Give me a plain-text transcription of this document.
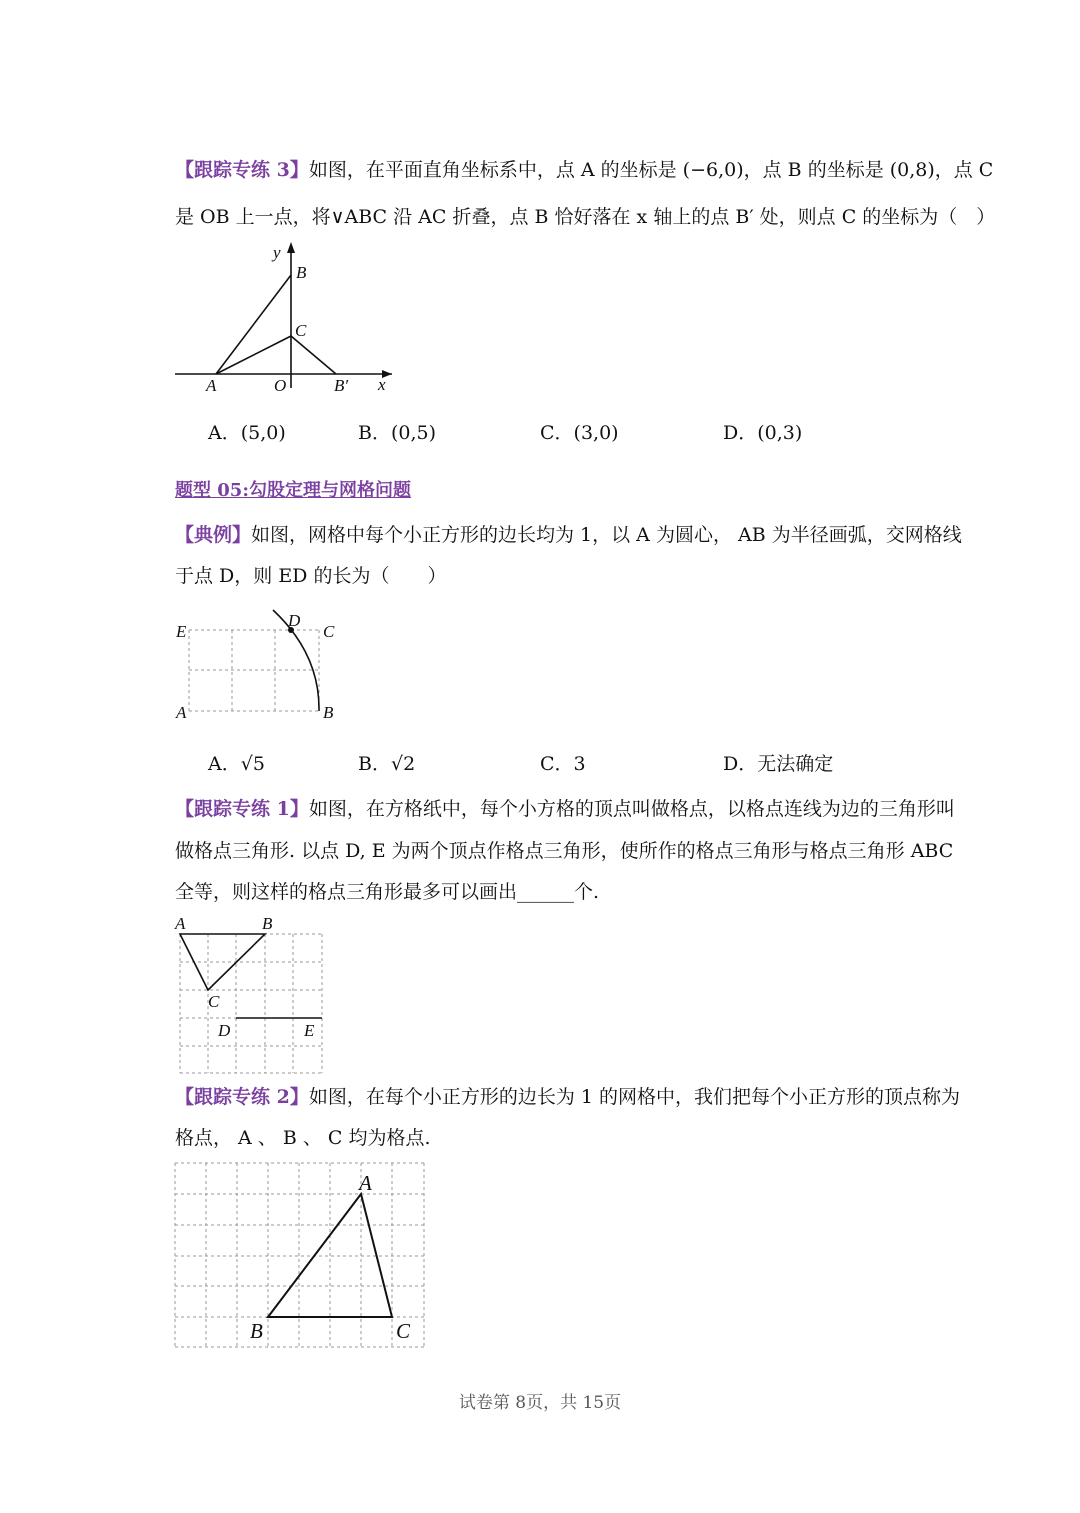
【跟踪专练 3】如图，在平面直角坐标系中，点 A 的坐标是 (−6,0)，点 B 的坐标是 (0,8)，点 C
是 OB 上一点，将∨ABC 沿 AC 折叠，点 B 恰好落在 x 轴上的点 B′ 处，则点 C 的坐标为（　）
y
B
C
A	O	B′ x
A．(5,0)	B．(0,5)	C．(3,0)	D．(0,3)
题型 05:勾股定理与网格问题
【典例】如图，网格中每个小正方形的边长均为 1，以 A 为圆心， AB 为半径画弧，交网格线
于点 D，则 ED 的长为（　　）
E
D
C
A	B
A．√5	B．√2	C．3	D．无法确定
【跟踪专练 1】如图，在方格纸中，每个小方格的顶点叫做格点，以格点连线为边的三角形叫
做格点三角形. 以点 D, E 为两个顶点作格点三角形，使所作的格点三角形与格点三角形 ABC
全等，则这样的格点三角形最多可以画出______个.
A	B
C
D	E
【跟踪专练 2】如图，在每个小正方形的边长为 1 的网格中，我们把每个小正方形的顶点称为
格点， A 、 B 、 C 均为格点.
A
B	C
试卷第 8页，共 15页
